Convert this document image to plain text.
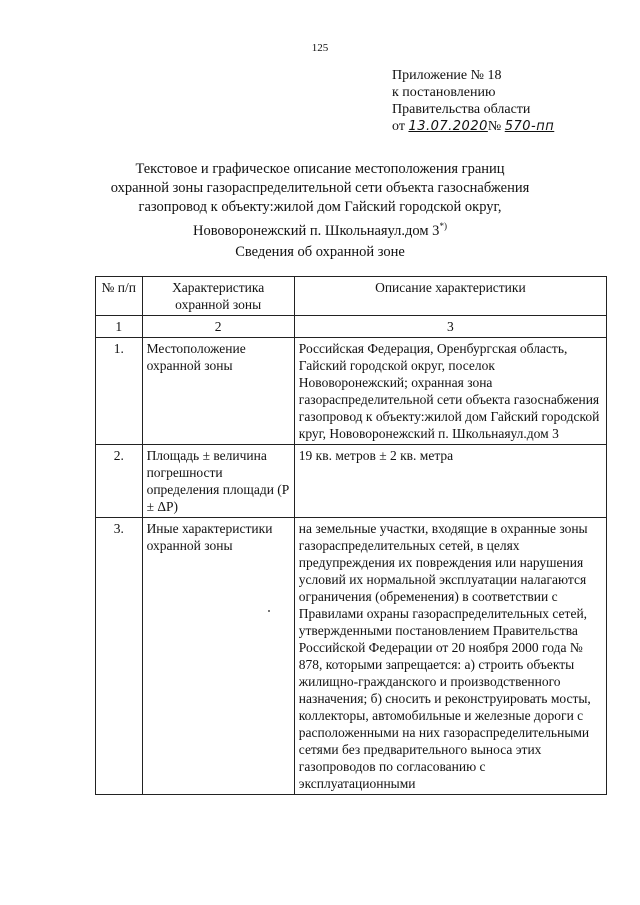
125
Приложение № 18
к постановлению
Правительства области
от 13.07.2020№ 570-пп
Текстовое и графическое описание местоположения границ
охранной зоны газораспределительной сети объекта газоснабжения
газопровод к объекту:жилой дом Гайский городской округ,
Нововоронежский п. Школьнаяул.дом 3*)
Сведения об охранной зоне
№ п/п	Характеристика охранной зоны	Описание характеристики
1	2	3
1.	Местоположение охранной зоны	Российская Федерация, Оренбургская область, Гайский городской округ, поселок Нововоронежский; охранная зона газораспределительной сети объекта газоснабжения газопровод к объекту:жилой дом Гайский городской круг, Нововоронежский п. Школьнаяул.дом 3
2.	Площадь ± величина погрешности определения площади (P ± ΔP)	19 кв. метров ± 2 кв. метра
3.	Иные характеристики охранной зоны	на земельные участки, входящие в охранные зоны газораспределительных сетей, в целях предупреждения их повреждения или нарушения условий их нормальной эксплуатации налагаются ограничения (обременения) в соответствии с Правилами охраны газораспределительных сетей, утвержденными постановлением Правительства Российской Федерации от 20 ноября 2000 года № 878, которыми запрещается: а) строить объекты жилищно-гражданского и производственного назначения; б) сносить и реконструировать мосты, коллекторы, автомобильные и железные дороги с расположенными на них газораспределительными сетями без предварительного выноса этих газопроводов по согласованию с эксплуатационными
